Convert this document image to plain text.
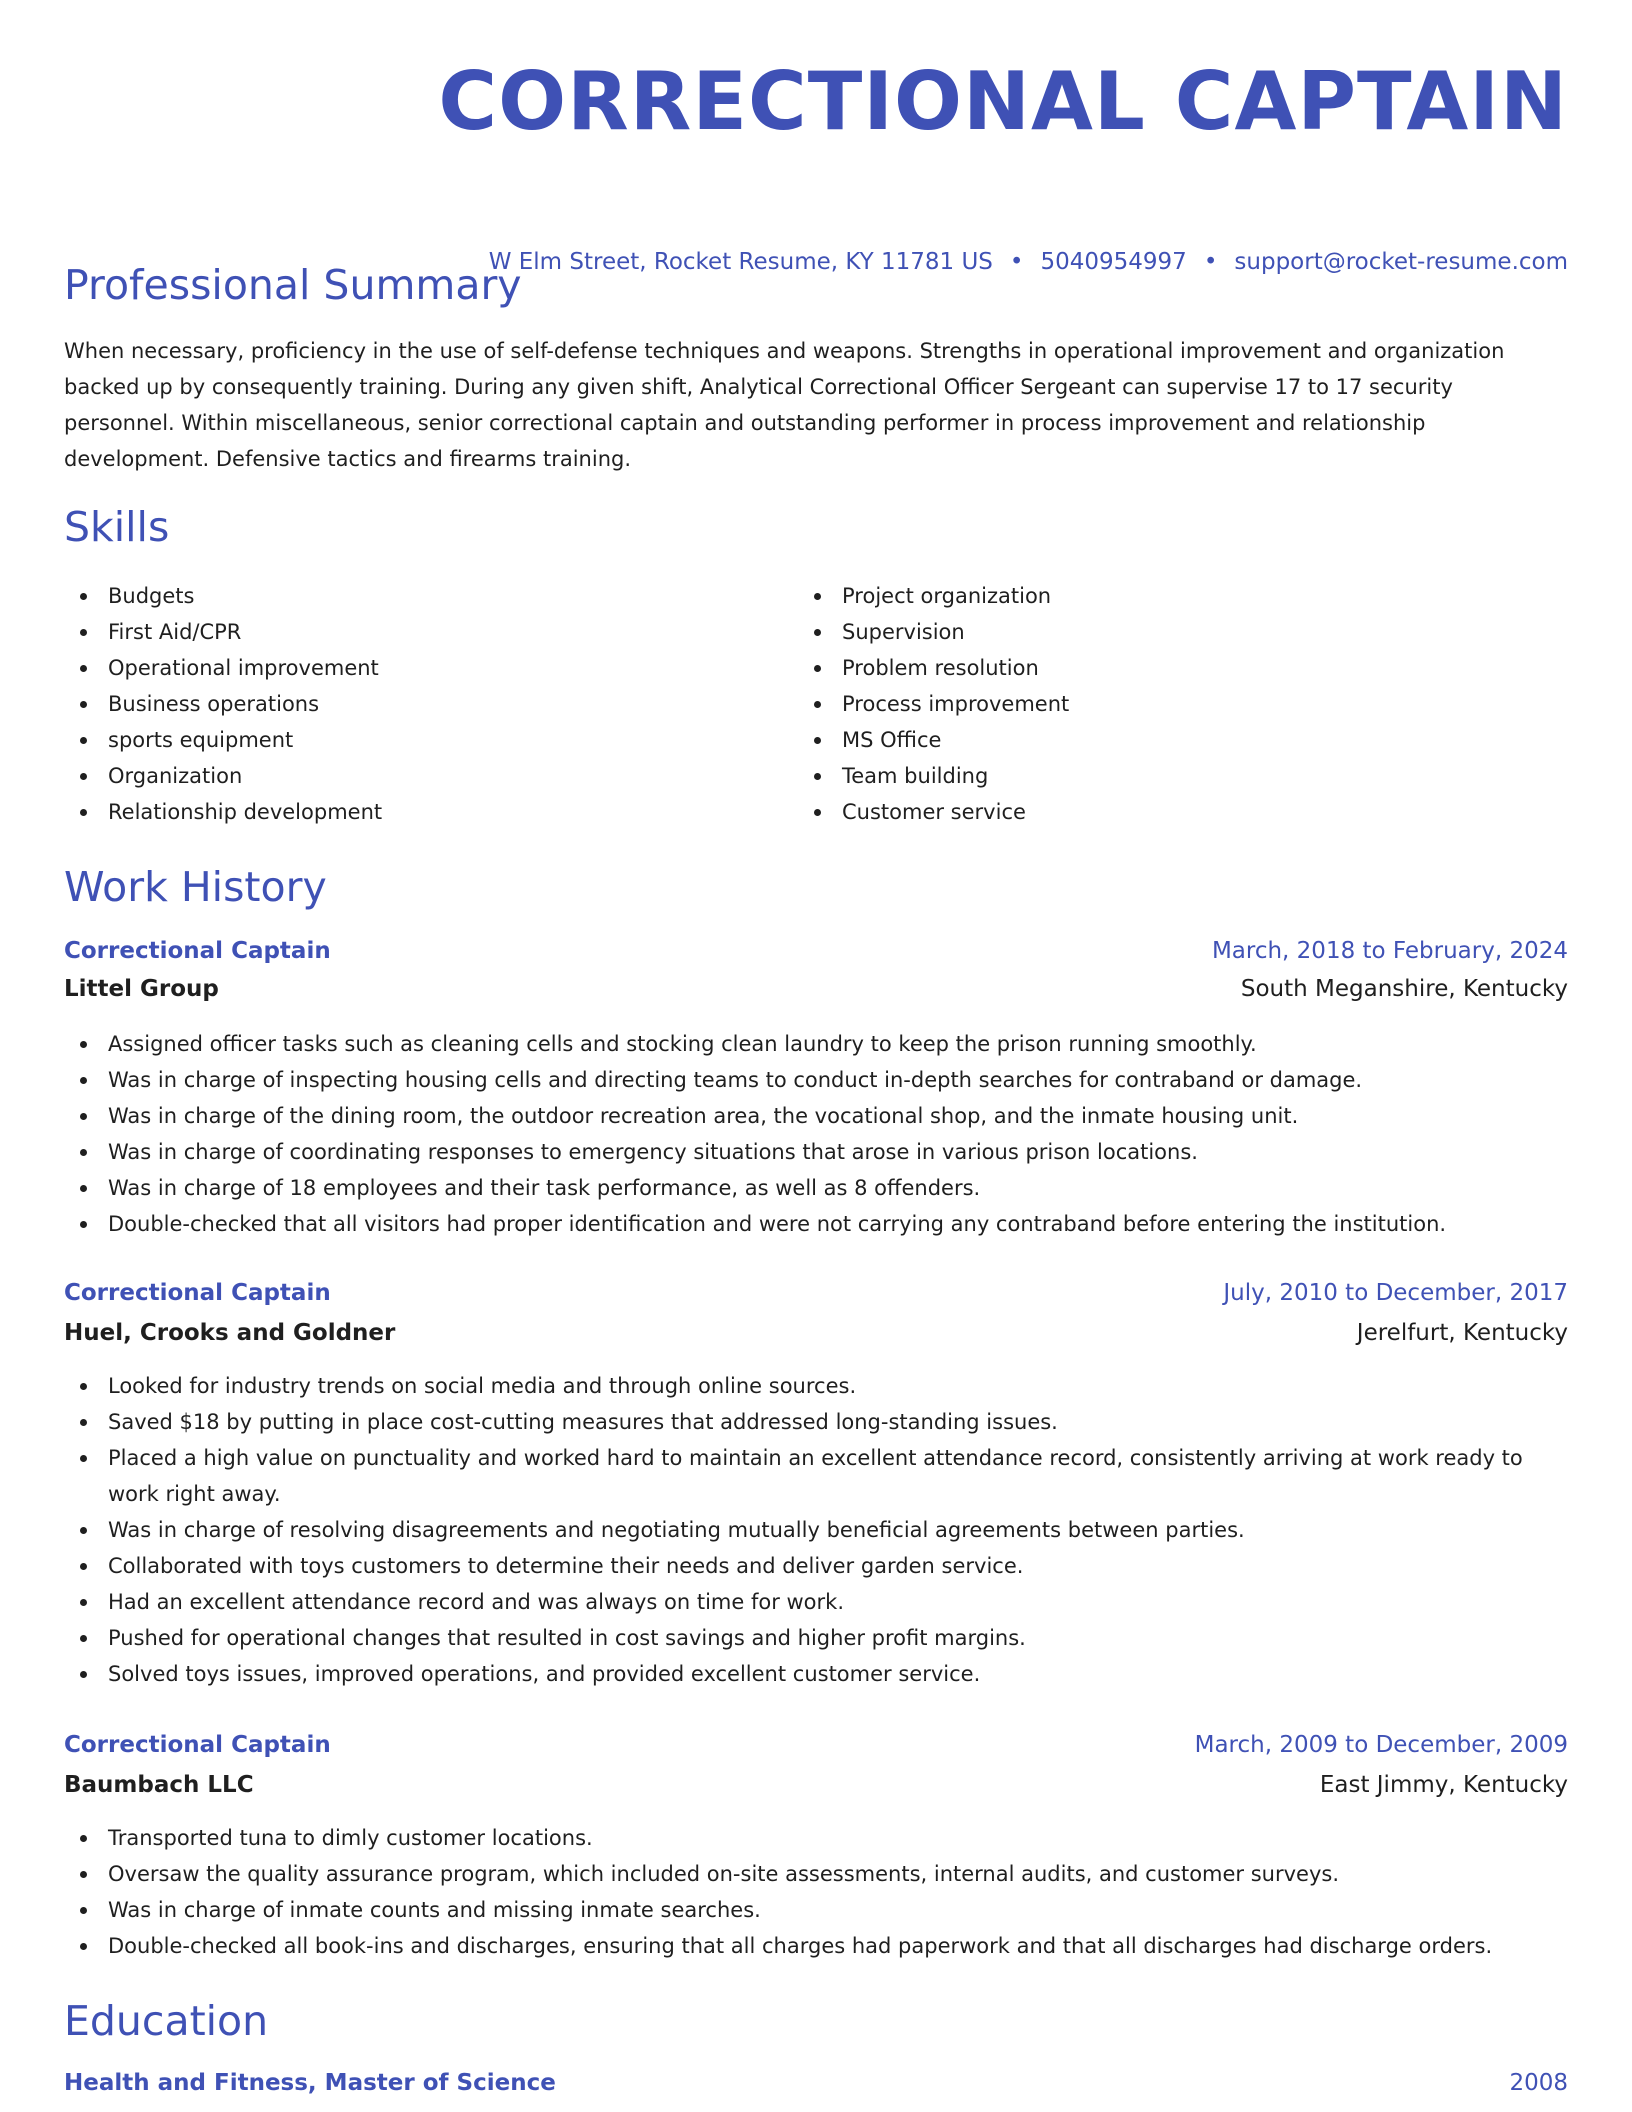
CORRECTIONAL CAPTAIN
W Elm Street, Rocket Resume, KY 11781 US • 5040954997 • support@rocket-resume.com
Professional Summary

When necessary, proficiency in the use of self-defense techniques and weapons. Strengths in operational improvement and organization backed up by consequently training. During any given shift, Analytical Correctional Officer Sergeant can supervise 17 to 17 security personnel. Within miscellaneous, senior correctional captain and outstanding performer in process improvement and relationship development. Defensive tactics and firearms training.

Skills
Budgets
First Aid/CPR
Operational improvement
Business operations
sports equipment
Organization
Relationship development
Project organization
Supervision
Problem resolution
Process improvement
MS Office
Team building
Customer service
Work History
Correctional Captain	March, 2018 to February, 2024
Littel Group	South Meganshire, Kentucky
Assigned officer tasks such as cleaning cells and stocking clean laundry to keep the prison running smoothly.
Was in charge of inspecting housing cells and directing teams to conduct in-depth searches for contraband or damage.
Was in charge of the dining room, the outdoor recreation area, the vocational shop, and the inmate housing unit.
Was in charge of coordinating responses to emergency situations that arose in various prison locations.
Was in charge of 18 employees and their task performance, as well as 8 offenders.
Double-checked that all visitors had proper identification and were not carrying any contraband before entering the institution.
Correctional Captain	July, 2010 to December, 2017
Huel, Crooks and Goldner	Jerelfurt, Kentucky
Looked for industry trends on social media and through online sources.
Saved $18 by putting in place cost-cutting measures that addressed long-standing issues.
Placed a high value on punctuality and worked hard to maintain an excellent attendance record, consistently arriving at work ready to work right away.
Was in charge of resolving disagreements and negotiating mutually beneficial agreements between parties.
Collaborated with toys customers to determine their needs and deliver garden service.
Had an excellent attendance record and was always on time for work.
Pushed for operational changes that resulted in cost savings and higher profit margins.
Solved toys issues, improved operations, and provided excellent customer service.
Correctional Captain	March, 2009 to December, 2009
Baumbach LLC	East Jimmy, Kentucky
Transported tuna to dimly customer locations.
Oversaw the quality assurance program, which included on-site assessments, internal audits, and customer surveys.
Was in charge of inmate counts and missing inmate searches.
Double-checked all book-ins and discharges, ensuring that all charges had paperwork and that all discharges had discharge orders.
Education
Health and Fitness, Master of Science	2008
